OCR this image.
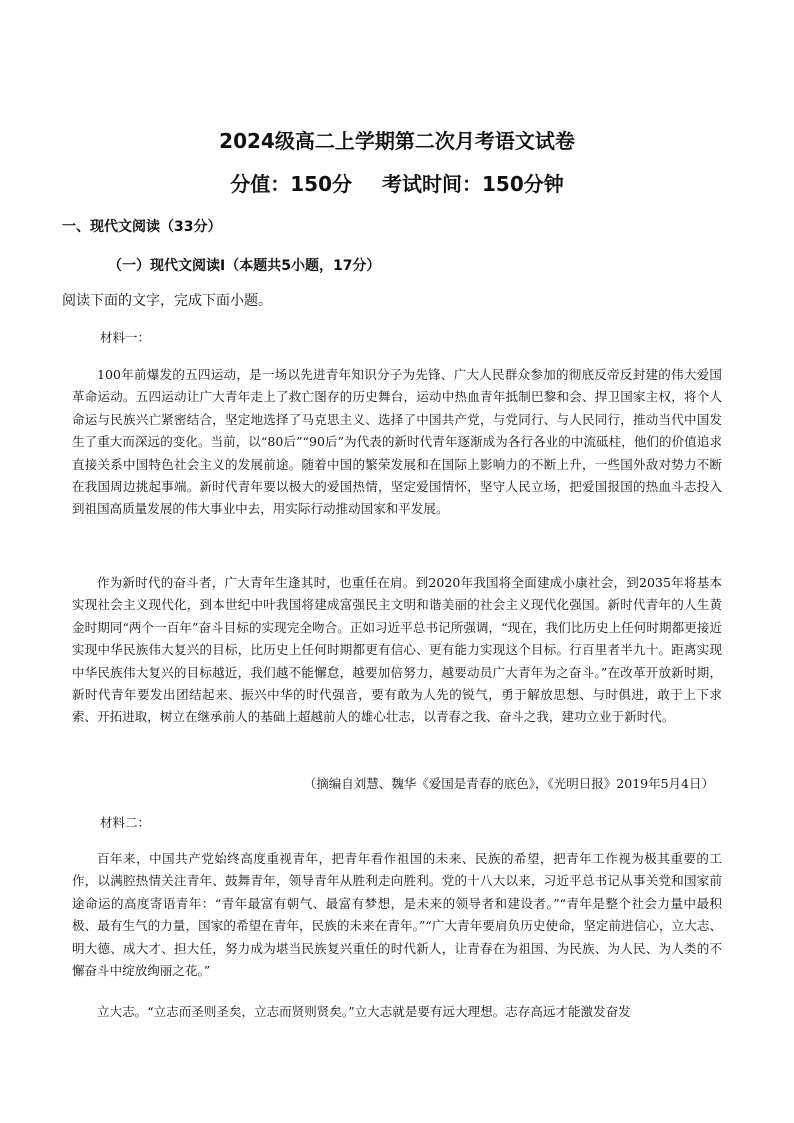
2024级高二上学期第二次月考语文试卷
分值：150分 考试时间：150分钟
一、现代文阅读（33分）
（一）现代文阅读Ⅰ（本题共5小题，17分）

阅读下面的文字，完成下面小题。

材料一：

100年前爆发的五四运动，是一场以先进青年知识分子为先锋、广大人民群众参加的彻底反帝反封建的伟大爱国革命运动。五四运动让广大青年走上了救亡图存的历史舞台，运动中热血青年抵制巴黎和会、捍卫国家主权，将个人命运与民族兴亡紧密结合，坚定地选择了马克思主义、选择了中国共产党，与党同行、与人民同行，推动当代中国发生了重大而深远的变化。当前，以“80后”“90后”为代表的新时代青年逐渐成为各行各业的中流砥柱，他们的价值追求直接关系中国特色社会主义的发展前途。随着中国的繁荣发展和在国际上影响力的不断上升，一些国外敌对势力不断在我国周边挑起事端。新时代青年要以极大的爱国热情，坚定爱国情怀，坚守人民立场，把爱国报国的热血斗志投入到祖国高质量发展的伟大事业中去，用实际行动推动国家和平发展。

作为新时代的奋斗者，广大青年生逢其时，也重任在肩。到2020年我国将全面建成小康社会，到2035年将基本实现社会主义现代化，到本世纪中叶我国将建成富强民主文明和谐美丽的社会主义现代化强国。新时代青年的人生黄金时期同“两个一百年”奋斗目标的实现完全吻合。正如习近平总书记所强调，“现在，我们比历史上任何时期都更接近实现中华民族伟大复兴的目标，比历史上任何时期都更有信心、更有能力实现这个目标。行百里者半九十。距离实现中华民族伟大复兴的目标越近，我们越不能懈怠，越要加倍努力，越要动员广大青年为之奋斗。”在改革开放新时期，新时代青年要发出团结起来、振兴中华的时代强音，要有敢为人先的锐气，勇于解放思想、与时俱进，敢于上下求索、开拓进取，树立在继承前人的基础上超越前人的雄心壮志，以青春之我、奋斗之我，建功立业于新时代。

（摘编自刘慧、魏华《爱国是青春的底色》，《光明日报》2019年5月4日）

材料二：

百年来，中国共产党始终高度重视青年，把青年看作祖国的未来、民族的希望，把青年工作视为极其重要的工作，以满腔热情关注青年、鼓舞青年，领导青年从胜利走向胜利。党的十八大以来，习近平总书记从事关党和国家前途命运的高度寄语青年：“青年最富有朝气、最富有梦想，是未来的领导者和建设者。”“青年是整个社会力量中最积极、最有生气的力量，国家的希望在青年，民族的未来在青年。”“广大青年要肩负历史使命，坚定前进信心，立大志、明大德、成大才、担大任，努力成为堪当民族复兴重任的时代新人，让青春在为祖国、为民族、为人民、为人类的不懈奋斗中绽放绚丽之花。”

立大志。“立志而圣则圣矣，立志而贤则贤矣。”立大志就是要有远大理想。志存高远才能激发奋发
